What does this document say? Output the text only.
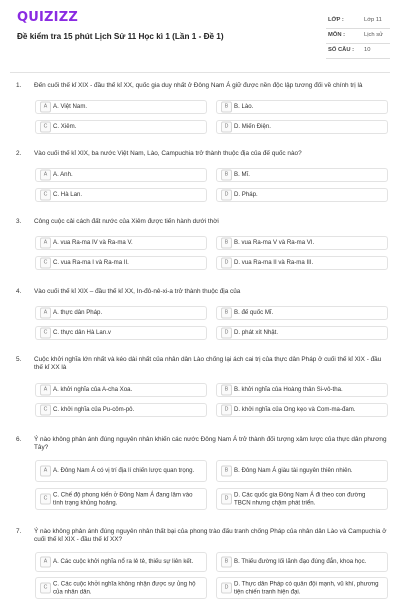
QUIZIZZ
Đề kiểm tra 15 phút Lịch Sử 11 Học kì 1 (Lần 1 - Đề 1)
LỚP :	Lớp 11
MÔN :	Lịch sử
SỐ CÂU : 10
1. Đến cuối thế kỉ XIX - đầu thế kỉ XX, quốc gia duy nhất ở Đông Nam Á giữ được nền độc lập tương đối về chính trị là
A A. Việt Nam.	B B. Lào.
C C. Xiêm.	D D. Miến Điện.
2. Vào cuối thế kỉ XIX, ba nước Việt Nam, Lào, Campuchia trở thành thuộc địa của đế quốc nào?
A A. Anh.	B B. Mĩ.
C C. Hà Lan.	D D. Pháp.
3. Công cuộc cải cách đất nước của Xiêm được tiến hành dưới thời
A A. vua Ra-ma IV và Ra-ma V.	B B. vua Ra-ma V và Ra-ma VI.
C C. vua Ra-ma I và Ra-ma II.	D D. vua Ra-ma II và Ra-ma III.
4. Vào cuối thế kỉ XIX – đầu thế kỉ XX, In-đô-nê-xi-a trở thành thuộc địa của
A A. thực dân Pháp.	B B. đế quốc Mĩ.
C C. thực dân Hà Lan.v	D D. phát xít Nhật.
5. Cuộc khởi nghĩa lớn nhất và kéo dài nhất của nhân dân Lào chống lại ách cai trị của thực dân Pháp ở cuối thế kỉ XIX - đầu thế kỉ XX là
A A. khởi nghĩa của A-cha Xoa.	B B. khởi nghĩa của Hoàng thân Si-vô-tha.
C C. khởi nghĩa của Pu-côm-pô.	D D. khởi nghĩa của Ong kẹo và Com-ma-đam.
6. Ý nào không phản ánh đúng nguyên nhân khiến các nước Đông Nam Á trở thành đối tượng xâm lược của thực dân phương Tây?
A A. Đông Nam Á có vị trí địa lí chiến lược quan trọng.	B B. Đông Nam Á giàu tài nguyên thiên nhiên.
C
C. Chế độ phong kiến ở Đông Nam Á đang lâm vào tình trạng khủng hoảng.
D
D. Các quốc gia Đông Nam Á đi theo con đường TBCN nhưng chậm phát triển.
7. Ý nào không phản ánh đúng nguyên nhân thất bại của phong trào đấu tranh chống Pháp của nhân dân Lào và Campuchia ở cuối thế kỉ XIX - đầu thế kỉ XX?
A A. Các cuộc khởi nghĩa nổ ra lẻ tẻ, thiếu sự liên kết.	B B. Thiếu đường lối lãnh đạo đúng đắn, khoa học.
C
C. Các cuộc khởi nghĩa không nhận được sự ủng hộ của nhân dân.
D
D. Thực dân Pháp có quân đội mạnh, vũ khí, phương tiện chiến tranh hiện đại.
